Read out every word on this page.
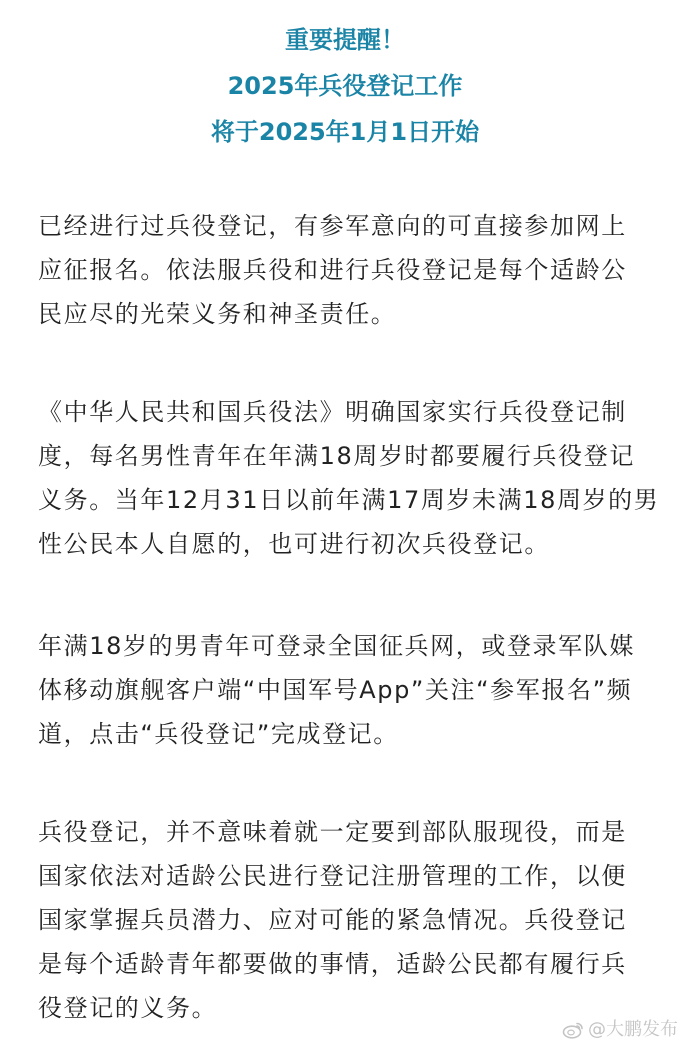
重要提醒！
2025年兵役登记工作
将于2025年1月1日开始
已经进行过兵役登记，有参军意向的可直接参加网上
应征报名。依法服兵役和进行兵役登记是每个适龄公
民应尽的光荣义务和神圣责任。
《中华人民共和国兵役法》明确国家实行兵役登记制
度，每名男性青年在年满18周岁时都要履行兵役登记
义务。当年12月31日以前年满17周岁未满18周岁的男
性公民本人自愿的，也可进行初次兵役登记。
年满18岁的男青年可登录全国征兵网，或登录军队媒
体移动旗舰客户端“中国军号App”关注“参军报名”频
道，点击“兵役登记”完成登记。
兵役登记，并不意味着就一定要到部队服现役，而是
国家依法对适龄公民进行登记注册管理的工作，以便
国家掌握兵员潜力、应对可能的紧急情况。兵役登记
是每个适龄青年都要做的事情，适龄公民都有履行兵
役登记的义务。
@大鹏发布
